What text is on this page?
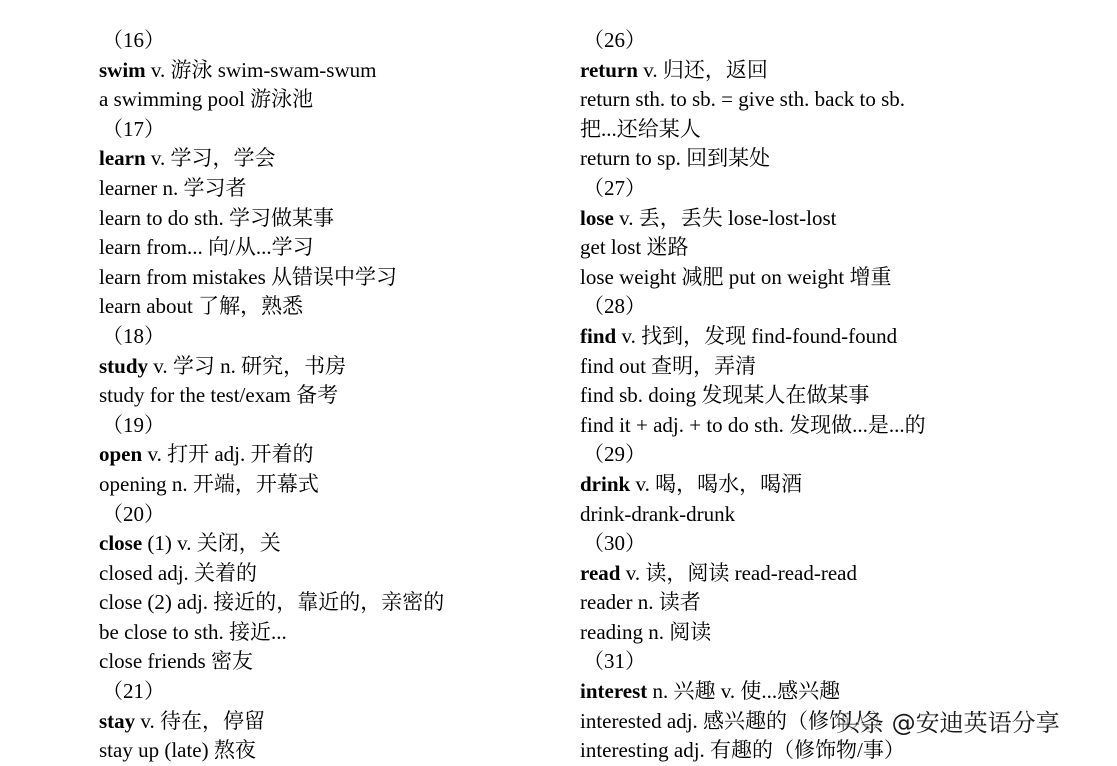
（16）
swim v. 游泳 swim-swam-swum
a swimming pool 游泳池
（17）
learn v. 学习，学会
learner n. 学习者
learn to do sth. 学习做某事
learn from... 向/从...学习
learn from mistakes 从错误中学习
learn about 了解，熟悉
（18）
study v. 学习 n. 研究，书房
study for the test/exam 备考
（19）
open v. 打开 adj. 开着的
opening n. 开端，开幕式
（20）
close (1) v. 关闭，关
closed adj. 关着的
close (2) adj. 接近的，靠近的，亲密的
be close to sth. 接近...
close friends 密友
（21）
stay v. 待在，停留
stay up (late) 熬夜
（26）
return v. 归还，返回
return sth. to sb. = give sth. back to sb.
把...还给某人
return to sp. 回到某处
（27）
lose v. 丢，丢失 lose-lost-lost
get lost 迷路
lose weight 减肥 put on weight 增重
（28）
find v. 找到，发现 find-found-found
find out 查明，弄清
find sb. doing 发现某人在做某事
find it + adj. + to do sth. 发现做...是...的
（29）
drink v. 喝，喝水，喝酒
drink-drank-drunk
（30）
read v. 读，阅读 read-read-read
reader n. 读者
reading n. 阅读
（31）
interest n. 兴趣 v. 使...感兴趣
interested adj. 感兴趣的（修饰人）
interesting adj. 有趣的（修饰物/事）
头条 @安迪英语分享
